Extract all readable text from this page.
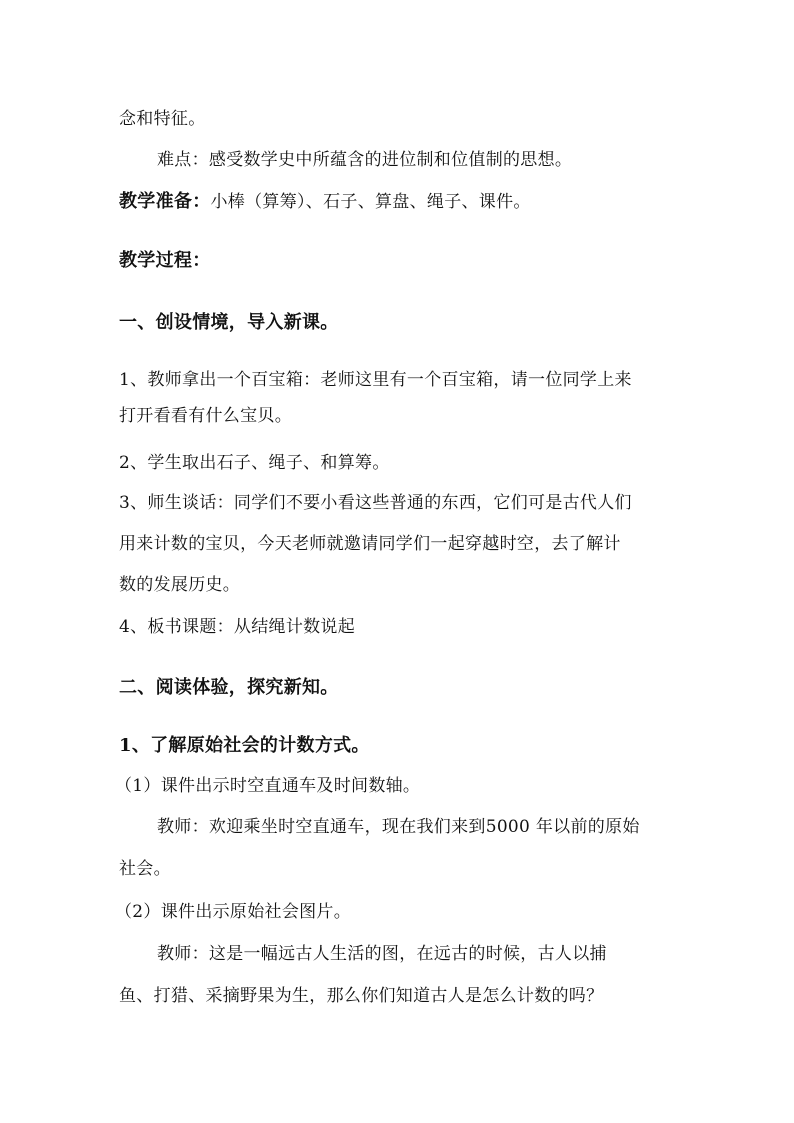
念和特征。
难点：感受数学史中所蕴含的进位制和位值制的思想。
教学准备：小棒（算筹）、石子、算盘、绳子、课件。
教学过程：
一、创设情境，导入新课。
1、教师拿出一个百宝箱：老师这里有一个百宝箱，请一位同学上来
打开看看有什么宝贝。
2、学生取出石子、绳子、和算筹。
3、师生谈话：同学们不要小看这些普通的东西，它们可是古代人们
用来计数的宝贝，今天老师就邀请同学们一起穿越时空，去了解计
数的发展历史。
4、板书课题：从结绳计数说起
二、阅读体验，探究新知。
1、了解原始社会的计数方式。
（1）课件出示时空直通车及时间数轴。
教师：欢迎乘坐时空直通车，现在我们来到5000 年以前的原始
社会。
（2）课件出示原始社会图片。
教师：这是一幅远古人生活的图，在远古的时候，古人以捕
鱼、打猎、采摘野果为生，那么你们知道古人是怎么计数的吗？
